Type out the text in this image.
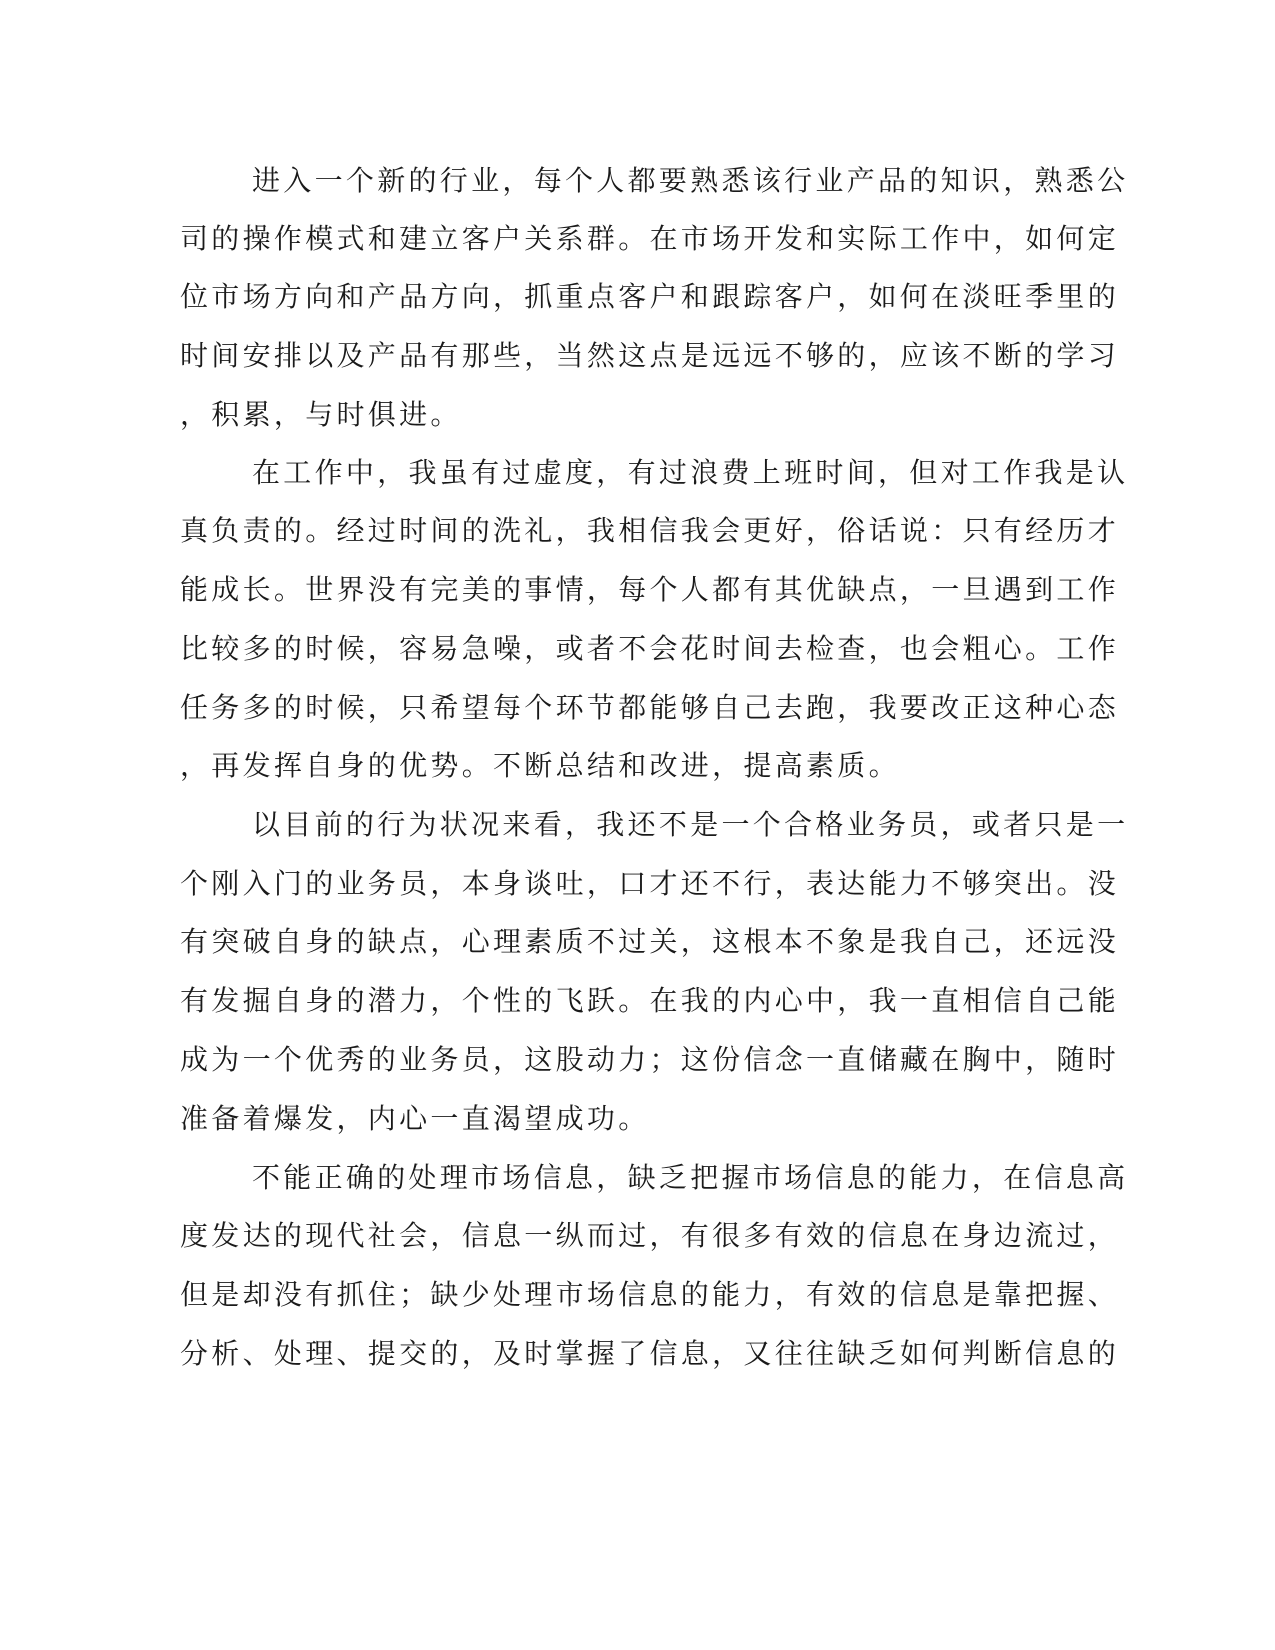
进入一个新的行业，每个人都要熟悉该行业产品的知识，熟悉公
司的操作模式和建立客户关系群。在市场开发和实际工作中，如何定
位市场方向和产品方向，抓重点客户和跟踪客户，如何在淡旺季里的
时间安排以及产品有那些，当然这点是远远不够的，应该不断的学习
，积累，与时俱进。
在工作中，我虽有过虚度，有过浪费上班时间，但对工作我是认
真负责的。经过时间的洗礼，我相信我会更好，俗话说：只有经历才
能成长。世界没有完美的事情，每个人都有其优缺点，一旦遇到工作
比较多的时候，容易急噪，或者不会花时间去检查，也会粗心。工作
任务多的时候，只希望每个环节都能够自己去跑，我要改正这种心态
，再发挥自身的优势。不断总结和改进，提高素质。
以目前的行为状况来看，我还不是一个合格业务员，或者只是一
个刚入门的业务员，本身谈吐，口才还不行，表达能力不够突出。没
有突破自身的缺点，心理素质不过关，这根本不象是我自己，还远没
有发掘自身的潜力，个性的飞跃。在我的内心中，我一直相信自己能
成为一个优秀的业务员，这股动力；这份信念一直储藏在胸中，随时
准备着爆发，内心一直渴望成功。
不能正确的处理市场信息，缺乏把握市场信息的能力，在信息高
度发达的现代社会，信息一纵而过，有很多有效的信息在身边流过，
但是却没有抓住；缺少处理市场信息的能力，有效的信息是靠把握、
分析、处理、提交的，及时掌握了信息，又往往缺乏如何判断信息的
